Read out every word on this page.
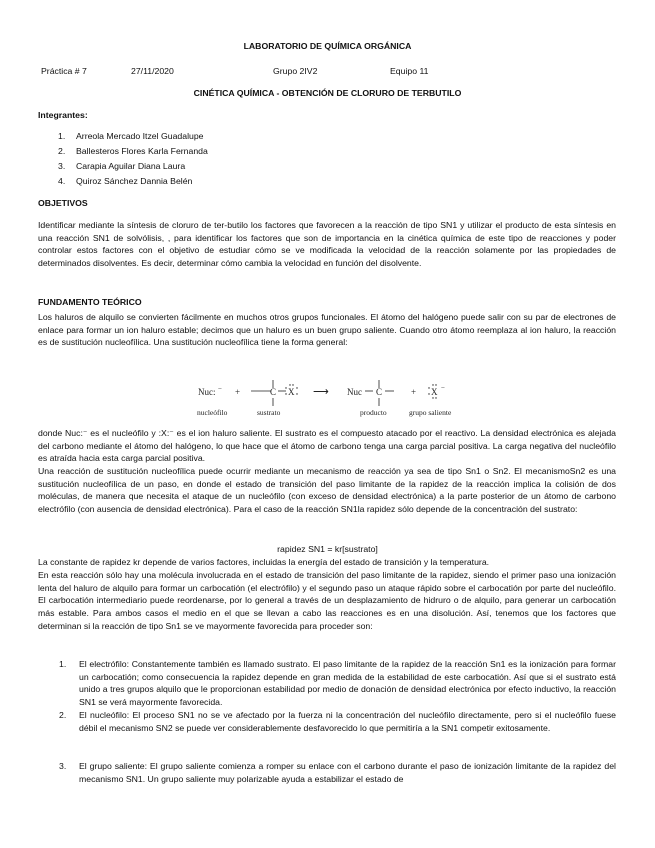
LABORATORIO DE QUÍMICA ORGÁNICA
Práctica # 7	27/11/2020	Grupo 2IV2	Equipo 11
CINÉTICA QUÍMICA - OBTENCIÓN DE CLORURO DE TERBUTILO
Integrantes:
1. Arreola Mercado Itzel Guadalupe
2. Ballesteros Flores Karla Fernanda
3. Carapia Aguilar Diana Laura
4. Quiroz Sánchez Dannia Belén
OBJETIVOS
Identificar mediante la síntesis de cloruro de ter-butilo los factores que favorecen a la reacción de tipo SN1 y utilizar el producto de esta síntesis en una reacción SN1 de solvólisis, , para identificar los factores que son de importancia en la cinética química de este tipo de reacciones y poder controlar estos factores con el objetivo de estudiar cómo se ve modificada la velocidad de la reacción solamente por las propiedades de determinados disolventes. Es decir, determinar cómo cambia la velocidad en función del disolvente.
FUNDAMENTO TEÓRICO
Los haluros de alquilo se convierten fácilmente en muchos otros grupos funcionales. El átomo del halógeno puede salir con su par de electrones de enlace para formar un ion haluro estable; decimos que un haluro es un buen grupo saliente. Cuando otro átomo reemplaza al ion haluro, la reacción es de sustitución nucleofílica. Una sustitución nucleofílica tiene la forma general:
Nuc: − +	C X ⟶ Nuc C	+ X −
nucleófilo	sustrato	producto	grupo saliente
donde Nuc:⁻ es el nucleófilo y :X:⁻ es el ion haluro saliente. El sustrato es el compuesto atacado por el reactivo. La densidad electrónica es alejada del carbono mediante el átomo del halógeno, lo que hace que el átomo de carbono tenga una carga parcial positiva. La carga negativa del nucleófilo es atraída hacia esta carga parcial positiva.
Una reacción de sustitución nucleofílica puede ocurrir mediante un mecanismo de reacción ya sea de tipo Sn1 o Sn2. El mecanismoSn2 es una sustitución nucleofílica de un paso, en donde el estado de transición del paso limitante de la rapidez de la reacción implica la colisión de dos moléculas, de manera que necesita el ataque de un nucleófilo (con exceso de densidad electrónica) a la parte posterior de un átomo de carbono electrófilo (con ausencia de densidad electrónica). Para el caso de la reacción SN1la rapidez sólo depende de la concentración del sustrato:
rapidez SN1 = kr[sustrato]
La constante de rapidez kr depende de varios factores, incluidas la energía del estado de transición y la temperatura.
En esta reacción sólo hay una molécula involucrada en el estado de transición del paso limitante de la rapidez, siendo el primer paso una ionización lenta del haluro de alquilo para formar un carbocatión (el electrófilo) y el segundo paso un ataque rápido sobre el carbocatión por parte del nucleófilo. El carbocatión intermediario puede reordenarse, por lo general a través de un desplazamiento de hidruro o de alquilo, para generar un carbocatión más estable. Para ambos casos el medio en el que se llevan a cabo las reacciones es en una disolución. Así, tenemos que los factores que determinan si la reacción de tipo Sn1 se ve mayormente favorecida para proceder son:
1. El electrófilo: Constantemente también es llamado sustrato. El paso limitante de la rapidez de la reacción Sn1 es la ionización para formar un carbocatión; como consecuencia la rapidez depende en gran medida de la estabilidad de este carbocatión. Así que si el sustrato está unido a tres grupos alquilo que le proporcionan estabilidad por medio de donación de densidad electrónica por efecto inductivo, la reacción SN1 se verá mayormente favorecida.
2. El nucleófilo: El proceso SN1 no se ve afectado por la fuerza ni la concentración del nucleófilo directamente, pero si el nucleófilo fuese débil el mecanismo SN2 se puede ver considerablemente desfavorecido lo que permitiría a la SN1 competir exitosamente.
3. El grupo saliente: El grupo saliente comienza a romper su enlace con el carbono durante el paso de ionización limitante de la rapidez del mecanismo SN1. Un grupo saliente muy polarizable ayuda a estabilizar el estado de
